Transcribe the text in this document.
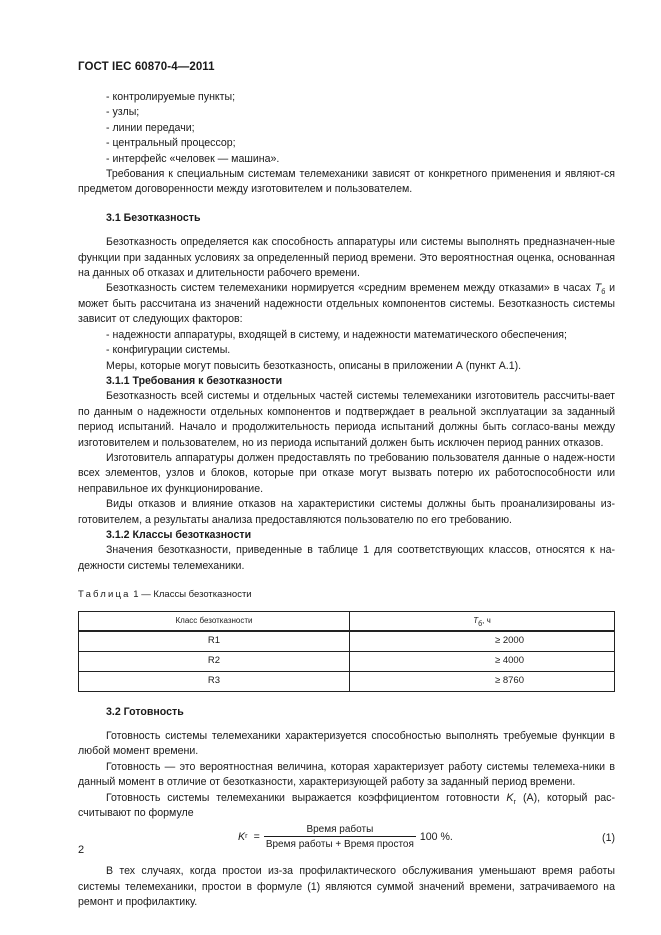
ГОСТ IEC 60870-4—2011

- контролируемые пункты;

- узлы;

- линии передачи;

- центральный процессор;

- интерфейс «человек — машина».

Требования к специальным системам телемеханики зависят от конкретного применения и являют-ся предметом договоренности между изготовителем и пользователем.

3.1 Безотказность

Безотказность определяется как способность аппаратуры или системы выполнять предназначен-ные функции при заданных условиях за определенный период времени. Это вероятностная оценка, основанная на данных об отказах и длительности рабочего времени.

Безотказность систем телемеханики нормируется «средним временем между отказами» в часах $T_б$ и может быть рассчитана из значений надежности отдельных компонентов системы. Безотказность системы зависит от следующих факторов:

- надежности аппаратуры, входящей в систему, и надежности математического обеспечения;

- конфигурации системы.

Меры, которые могут повысить безотказность, описаны в приложении А (пункт А.1).

3.1.1 Требования к безотказности

Безотказность всей системы и отдельных частей системы телемеханики изготовитель рассчиты-вает по данным о надежности отдельных компонентов и подтверждает в реальной эксплуатации за заданный период испытаний. Начало и продолжительность периода испытаний должны быть согласо-ваны между изготовителем и пользователем, но из периода испытаний должен быть исключен период ранних отказов.

Изготовитель аппаратуры должен предоставлять по требованию пользователя данные о надеж-ности всех элементов, узлов и блоков, которые при отказе могут вызвать потерю их работоспособности или неправильное их функционирование.

Виды отказов и влияние отказов на характеристики системы должны быть проанализированы из-готовителем, а результаты анализа предоставляются пользователю по его требованию.

3.1.2 Классы безотказности

Значения безотказности, приведенные в таблице 1 для соответствующих классов, относятся к на-дежности системы телемеханики.

Таблица 1 — Классы безотказности

Класс безотказности	$T_б$, ч
R1	≥ 2000
R2	≥ 4000
R3	≥ 8760

3.2 Готовность

Готовность системы телемеханики характеризуется способностью выполнять требуемые функции в любой момент времени.

Готовность — это вероятностная величина, которая характеризует работу системы телемеха-ники в данный момент в отличие от безотказности, характеризующей работу за заданный период времени.

Готовность системы телемеханики выражается коэффициентом готовности $K_г$ (А), который рас-считывают по формуле

K $г = \frac{\text{Время работы}}{\text{Время работы + Время простоя}} 100$ %.	(1)

В тех случаях, когда простои из-за профилактического обслуживания уменьшают время работы системы телемеханики, простои в формуле (1) являются суммой значений времени, затрачиваемого на ремонт и профилактику.

2
